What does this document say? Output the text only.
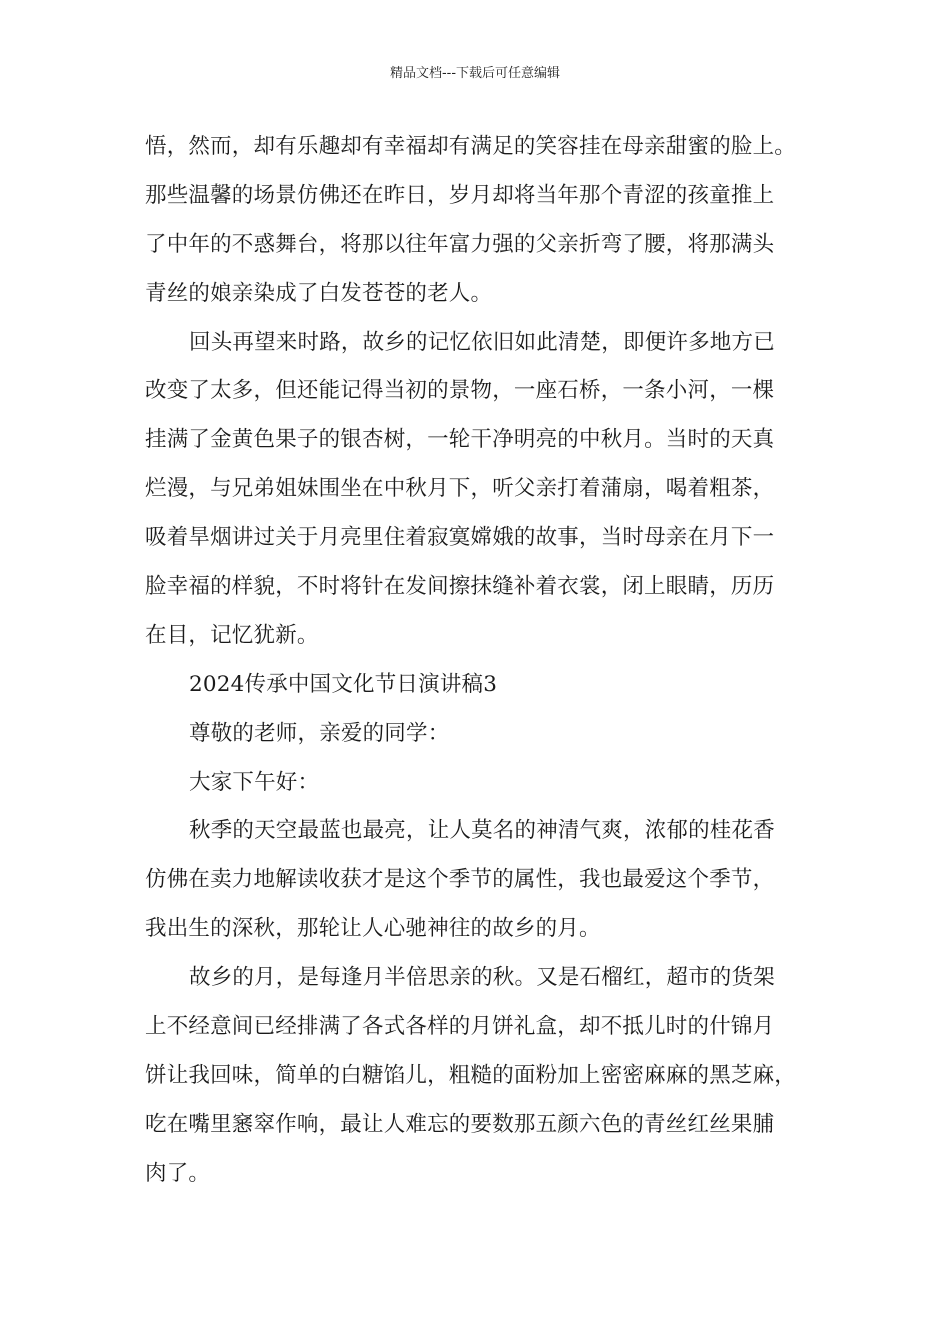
精品文档---下载后可任意编辑
悟，然而，却有乐趣却有幸福却有满足的笑容挂在母亲甜蜜的脸上。
那些温馨的场景仿佛还在昨日，岁月却将当年那个青涩的孩童推上
了中年的不惑舞台，将那以往年富力强的父亲折弯了腰，将那满头
青丝的娘亲染成了白发苍苍的老人。
回头再望来时路，故乡的记忆依旧如此清楚，即便许多地方已
改变了太多，但还能记得当初的景物，一座石桥，一条小河，一棵
挂满了金黄色果子的银杏树，一轮干净明亮的中秋月。当时的天真
烂漫，与兄弟姐妹围坐在中秋月下，听父亲打着蒲扇，喝着粗茶，
吸着旱烟讲过关于月亮里住着寂寞嫦娥的故事，当时母亲在月下一
脸幸福的样貌，不时将针在发间擦抹缝补着衣裳，闭上眼睛，历历
在目，记忆犹新。
2024传承中国文化节日演讲稿3
尊敬的老师，亲爱的同学：
大家下午好：
秋季的天空最蓝也最亮，让人莫名的神清气爽，浓郁的桂花香
仿佛在卖力地解读收获才是这个季节的属性，我也最爱这个季节，
我出生的深秋，那轮让人心驰神往的故乡的月。
故乡的月，是每逢月半倍思亲的秋。又是石榴红，超市的货架
上不经意间已经排满了各式各样的月饼礼盒，却不抵儿时的什锦月
饼让我回味，简单的白糖馅儿，粗糙的面粉加上密密麻麻的黑芝麻，
吃在嘴里窸窣作响，最让人难忘的要数那五颜六色的青丝红丝果脯
肉了。
